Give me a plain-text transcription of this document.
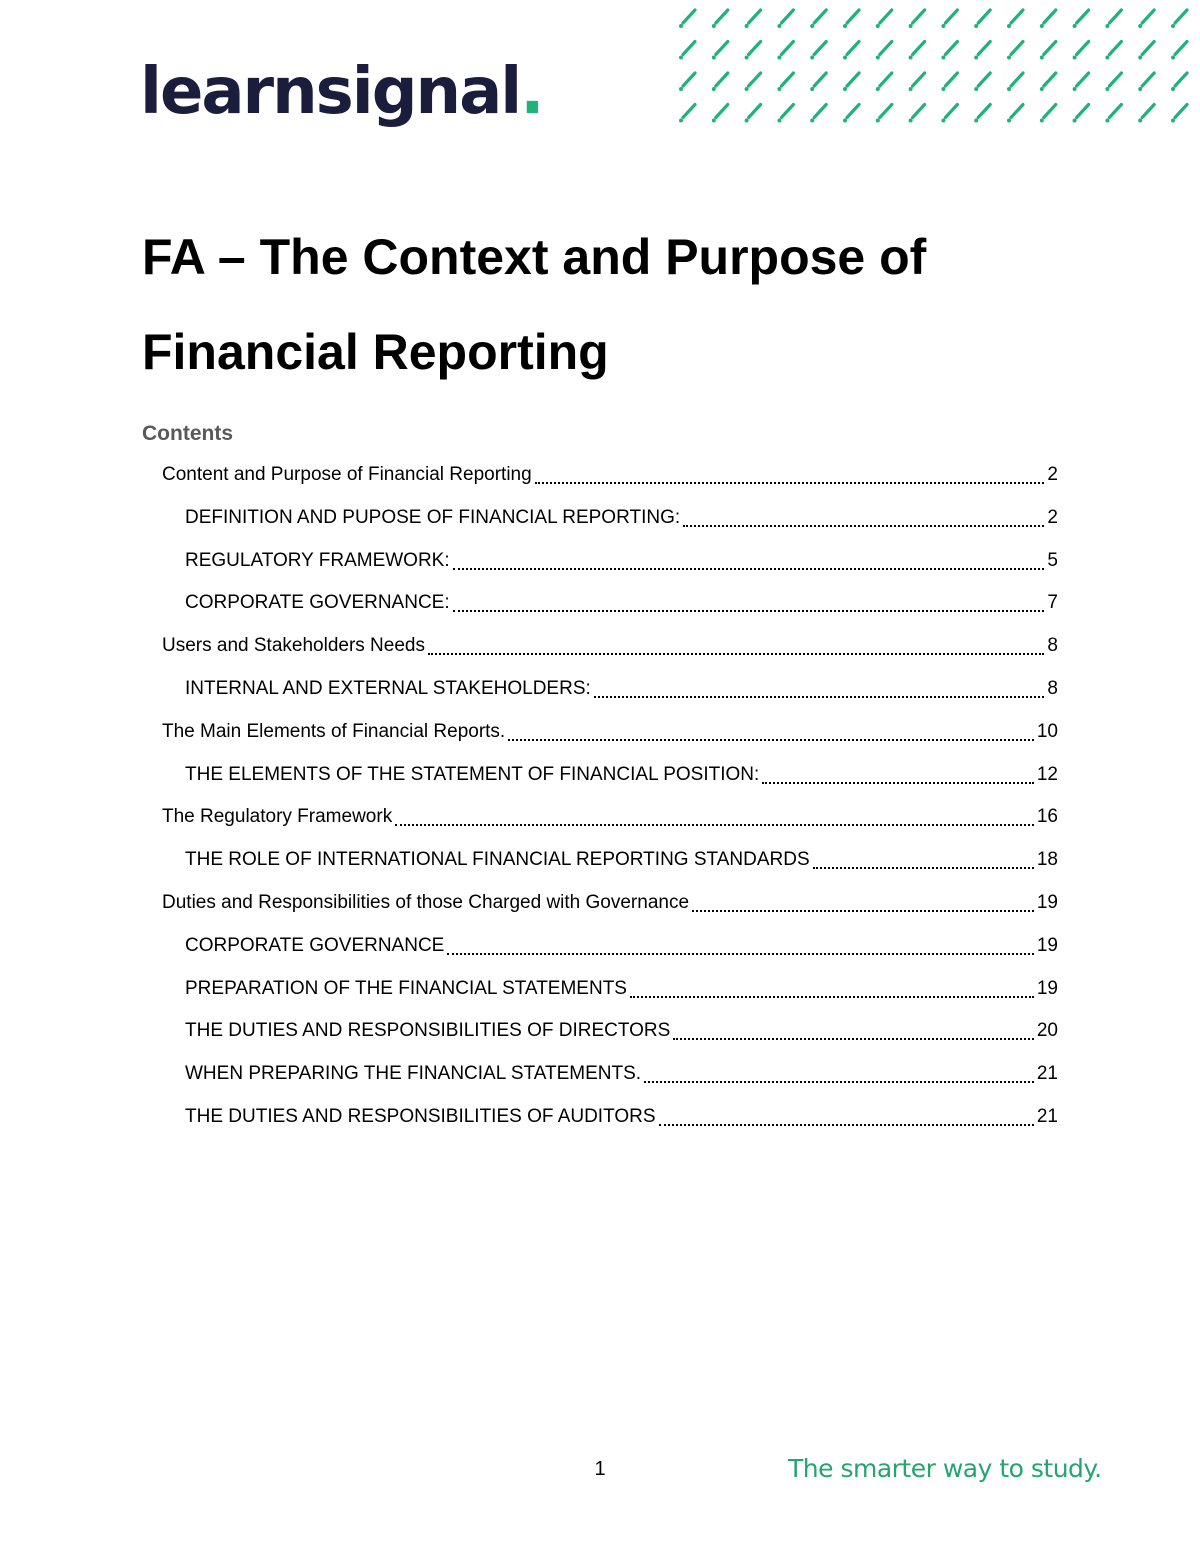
learnsignal.
FA – The Context and Purpose of
Financial Reporting
Contents
Content and Purpose of Financial Reporting	2
DEFINITION AND PUPOSE OF FINANCIAL REPORTING:	2
REGULATORY FRAMEWORK:	5
CORPORATE GOVERNANCE:	7
Users and Stakeholders Needs	8
INTERNAL AND EXTERNAL STAKEHOLDERS:	8
The Main Elements of Financial Reports.	10
THE ELEMENTS OF THE STATEMENT OF FINANCIAL POSITION:	12
The Regulatory Framework	16
THE ROLE OF INTERNATIONAL FINANCIAL REPORTING STANDARDS	18
Duties and Responsibilities of those Charged with Governance	19
CORPORATE GOVERNANCE	19
PREPARATION OF THE FINANCIAL STATEMENTS	19
THE DUTIES AND RESPONSIBILITIES OF DIRECTORS	20
WHEN PREPARING THE FINANCIAL STATEMENTS.	21
THE DUTIES AND RESPONSIBILITIES OF AUDITORS	21
1	The smarter way to study.
